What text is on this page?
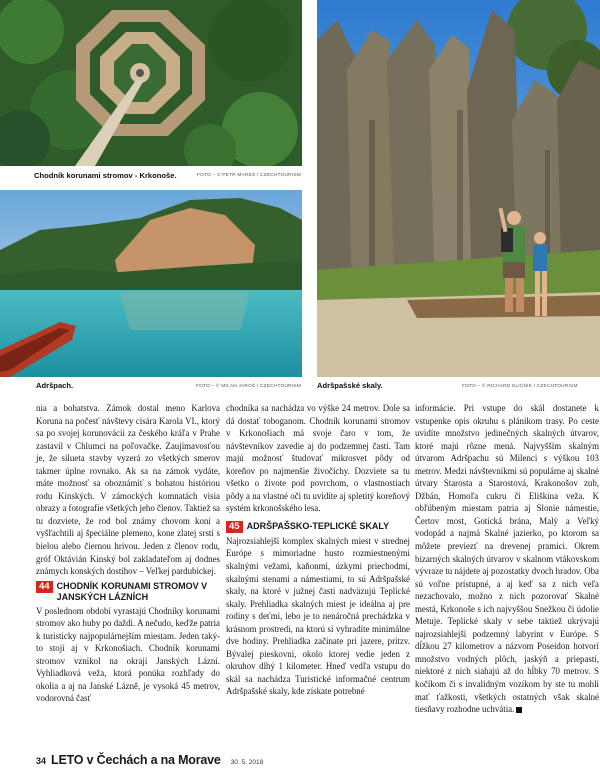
Chodník korunami stromov - Krkonoše.	FOTO – © PETR MAREŠ / CZECHTOURISM
Adršpach.	FOTO – © MILAN JAROŠ / CZECHTOURISM Adršpašské skaly.	FOTO – © RICHARD KLIČNÍK / CZECHTOURISM

nia a bohatstva. Zámok dostal meno Karlova Koruna na počesť návštevy cisára Karola VI., ktorý sa po svojej korunovácii za českého kráľa v Prahe zastavil v Chlumci na poľovačke. Zaujímavosťou je, že silueta stavby vyzerá zo všetkých smerov takmer úplne rovnako. Ak sa na zámok vydáte, máte možnosť sa oboznámiť s bohatou históriou rodu Kinských. V zámockých komnatách visia obrazy a fotografie všetkých jeho členov. Taktiež sa tu dozviete, že rod bol známy chovom koní a vyšľachtili aj špeciálne plemeno, kone zlatej srsti s bielou alebo čiernou hrivou. Jeden z členov rodu, gróf Oktávián Kinský bol zakladateľom aj dodnes známych konských dostihov – Veľkej pardubickej.

44 CHODNÍK KORUNAMI STROMOV V JANSKÝCH LÁZNÍCH

V poslednom období vyrastajú Chodníky korunami stromov ako huby po daždi. A nečudo, keďže patria k turisticky najpopulárnejším miestam. Jeden taký-to stojí aj v Krkonošiach. Chodník korunami stromov vznikol na okraji Janských Lázní. Vyhliadková veža, ktorá ponúka rozhľady do okolia a aj na Janské Lázně, je vysoká 45 metrov, vodorovná časť

chodníka sa nachádza vo výške 24 metrov. Dole sa dá dostať toboganom. Chodník korunami stromov v Krkonošiach má svoje čaro v tom, že návštevníkov zavedie aj do podzemnej časti. Tam majú možnosť študovať mikrosvet pôdy od koreňov po najmenšie živočíchy. Dozviete sa tu všetko o živote pod povrchom, o vlastnostiach pôdy a na vlastné oči tu uvidíte aj spletitý koreňový systém krkonošského lesa.

45 ADRŠPAŠSKO-TEPLICKÉ SKALY

Najrozsiahlejší komplex skalných miest v strednej Európe s mimoriadne husto rozmiestnenými skalnými vežami, kaňonmi, úzkymi priechodmi, skalnými stenami a námestiami, to sú Adršpašské skaly, na ktoré v južnej časti nadväzujú Teplické skaly. Prehliadka skalných miest je ideálna aj pre rodiny s deťmi, lebo je to nenáročná prechádzka v krásnom prostredí, na ktorú si vyhradíte minimálne dve hodiny. Prehliadka začínate pri jazere, pritzv. Bývalej pieskovni, okolo ktorej vedie jeden z okruhov dlhý 1 kilometer. Hneď vedľa vstupu do skál sa nachádza Turistické informačné centrum Adršpašské skaly, kde získate potrebné

informácie. Pri vstupe do skál dostanete k vstupenke opis okruhu s plánikom trasy. Po ceste uvidíte množstvo jedinečných skalných útvarov, ktoré majú rôzne mená. Najvyšším skalným útvarom Adršpachu sú Milenci s výškou 103 metrov. Medzi návštevníkmi sú populárne aj skalné útvary Starosta a Starostová, Krakonošov zub, Džbán, Homoľa cukru či Eliškina veža. K obľúbeným miestam patria aj Slonie námestie, Čertov most, Gotická brána, Malý a Veľký vodopád a najmä Skalné jazierko, po ktorom sa môžete previezť na drevenej pramici. Okrem bizarných skalných útvarov v skalnom vtákovskom vývraze tu nájdete aj pozostatky dvoch hradov. Oba sú voľne prístupné, a aj keď sa z nich veľa nezachovalo, možno z nich pozorovať Skalné mestá, Krkonoše s ich najvyššou Snežkou či údolie Metuje. Teplické skaly v sebe taktiež ukrývajú najrozsiahlejší podzemný labyrint v Európe. S dĺžkou 27 kilometrov a názvom Poseidon hotvorí množstvo vodných plôch, jaskýň a priepastí, niektoré z nich siahajú až do hĺbky 70 metrov. S kočíkom či s invalidným vozíkom by ste tu mohli mať ťažkosti, všetkých ostatných však skalné tiesňavy rozhodne uchvátia.

34 LETO v Čechách a na Morave 30. 5. 2018
